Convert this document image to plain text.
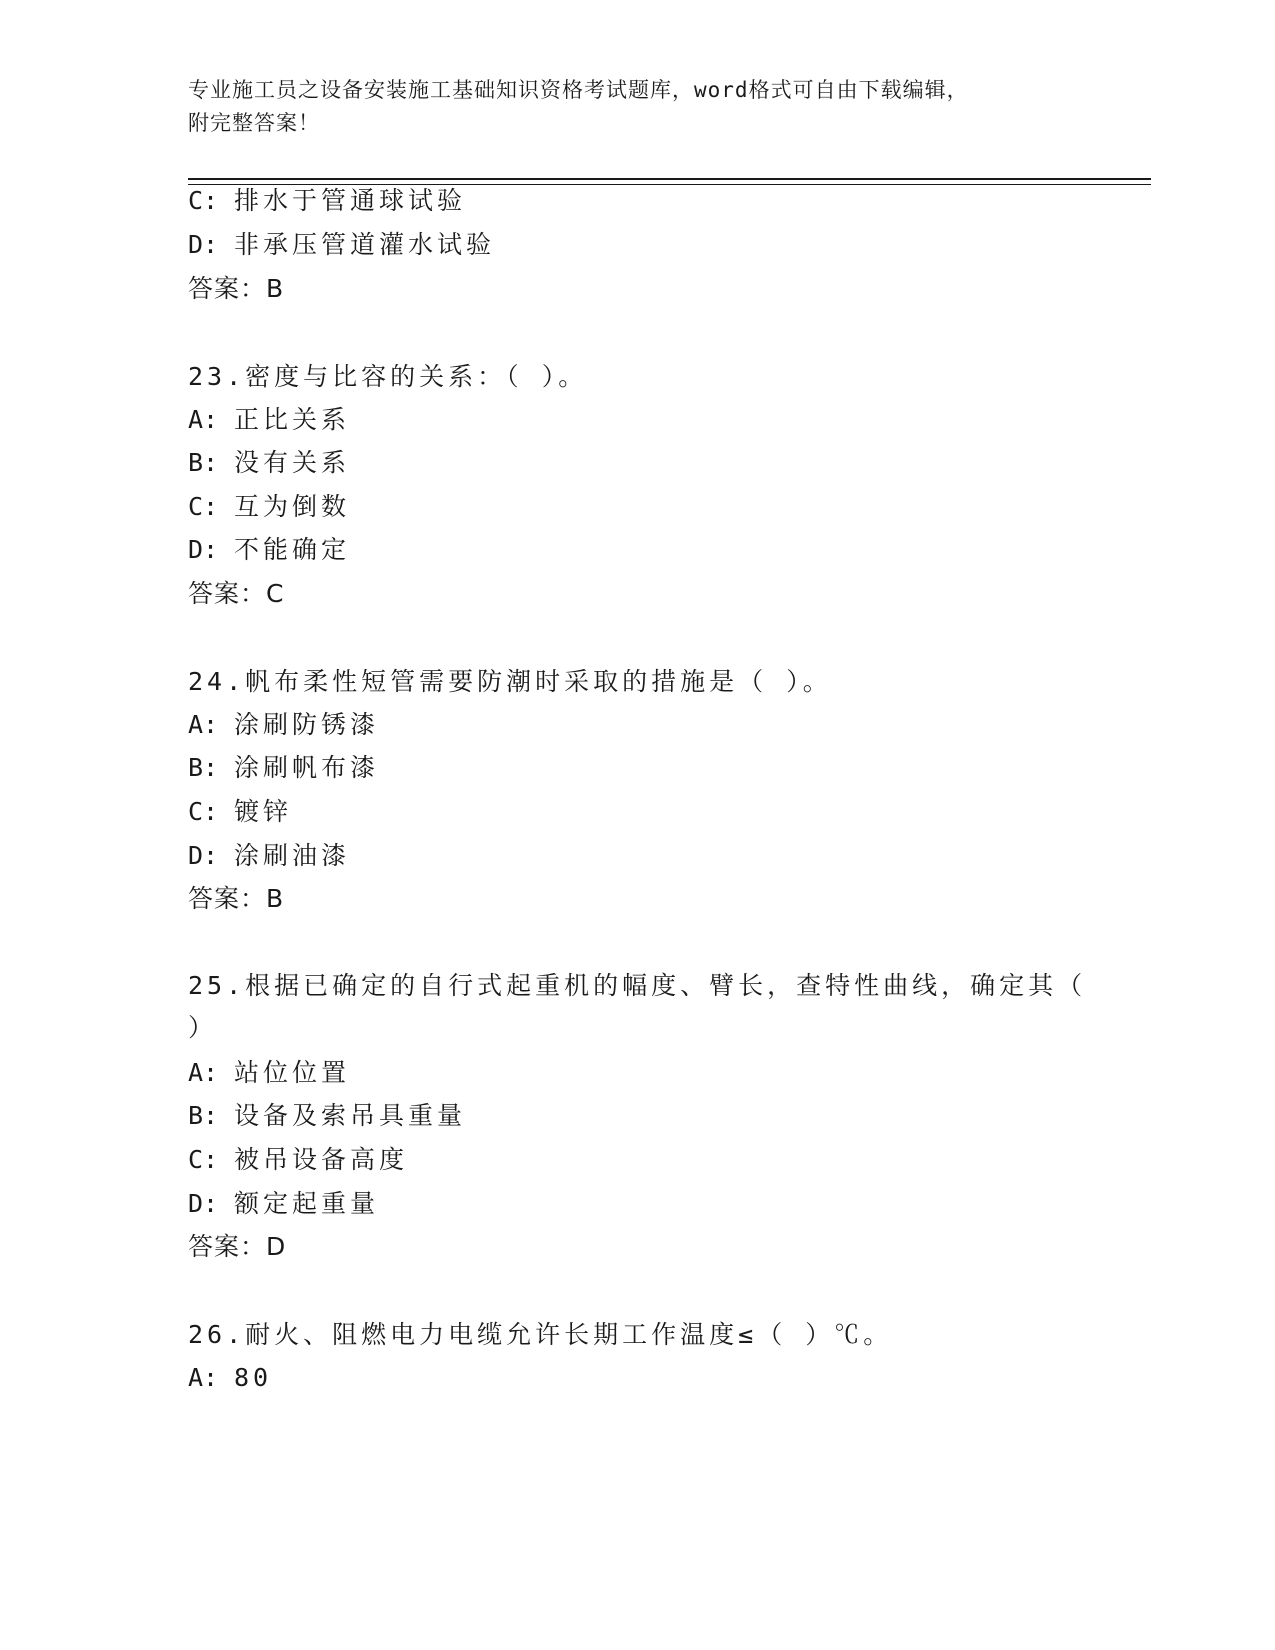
专业施工员之设备安装施工基础知识资格考试题库，word格式可自由下载编辑，
附完整答案！
C: 排水于管通球试验
D: 非承压管道灌水试验
答案：B
23.密度与比容的关系：（ ）。
A: 正比关系
B: 没有关系
C: 互为倒数
D: 不能确定
答案：C
24.帆布柔性短管需要防潮时采取的措施是（ ）。
A: 涂刷防锈漆
B: 涂刷帆布漆
C: 镀锌
D: 涂刷油漆
答案：B
25.根据已确定的自行式起重机的幅度、臂长，查特性曲线，确定其（
）
A: 站位位置
B: 设备及索吊具重量
C: 被吊设备高度
D: 额定起重量
答案：D
26.耐火、阻燃电力电缆允许长期工作温度≤（ ）℃。
A: 80
